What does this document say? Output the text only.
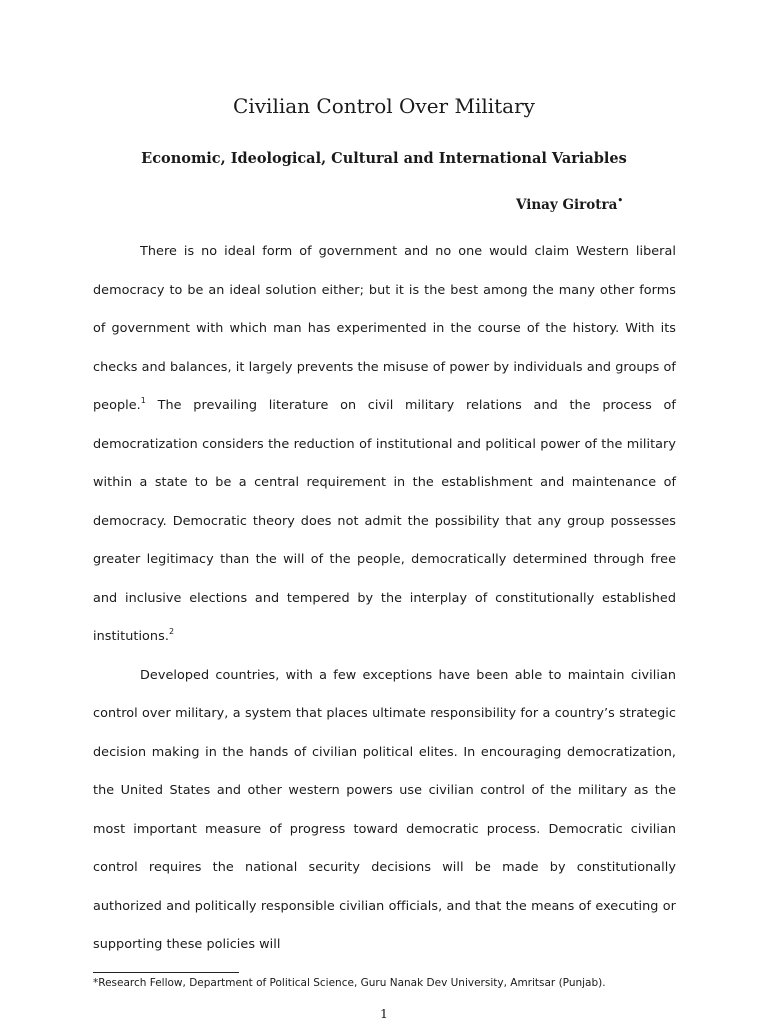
Civilian Control Over Military
Economic, Ideological, Cultural and International Variables
Vinay Girotra•

There is no ideal form of government and no one would claim Western liberal democracy to be an ideal solution either; but it is the best among the many other forms of government with which man has experimented in the course of the history. With its checks and balances, it largely prevents the misuse of power by individuals and groups of people.$^1$ The prevailing literature on civil military relations and the process of democratization considers the reduction of institutional and political power of the military within a state to be a central requirement in the establishment and maintenance of democracy. Democratic theory does not admit the possibility that any group possesses greater legitimacy than the will of the people, democratically determined through free and inclusive elections and tempered by the interplay of constitutionally established institutions.$^2$

Developed countries, with a few exceptions have been able to maintain civilian control over military, a system that places ultimate responsibility for a country’s strategic decision making in the hands of civilian political elites. In encouraging democratization, the United States and other western powers use civilian control of the military as the most important measure of progress toward democratic process. Democratic civilian control requires the national security decisions will be made by constitutionally authorized and politically responsible civilian officials, and that the means of executing or supporting these policies will

*Research Fellow, Department of Political Science, Guru Nanak Dev University, Amritsar (Punjab).
1
